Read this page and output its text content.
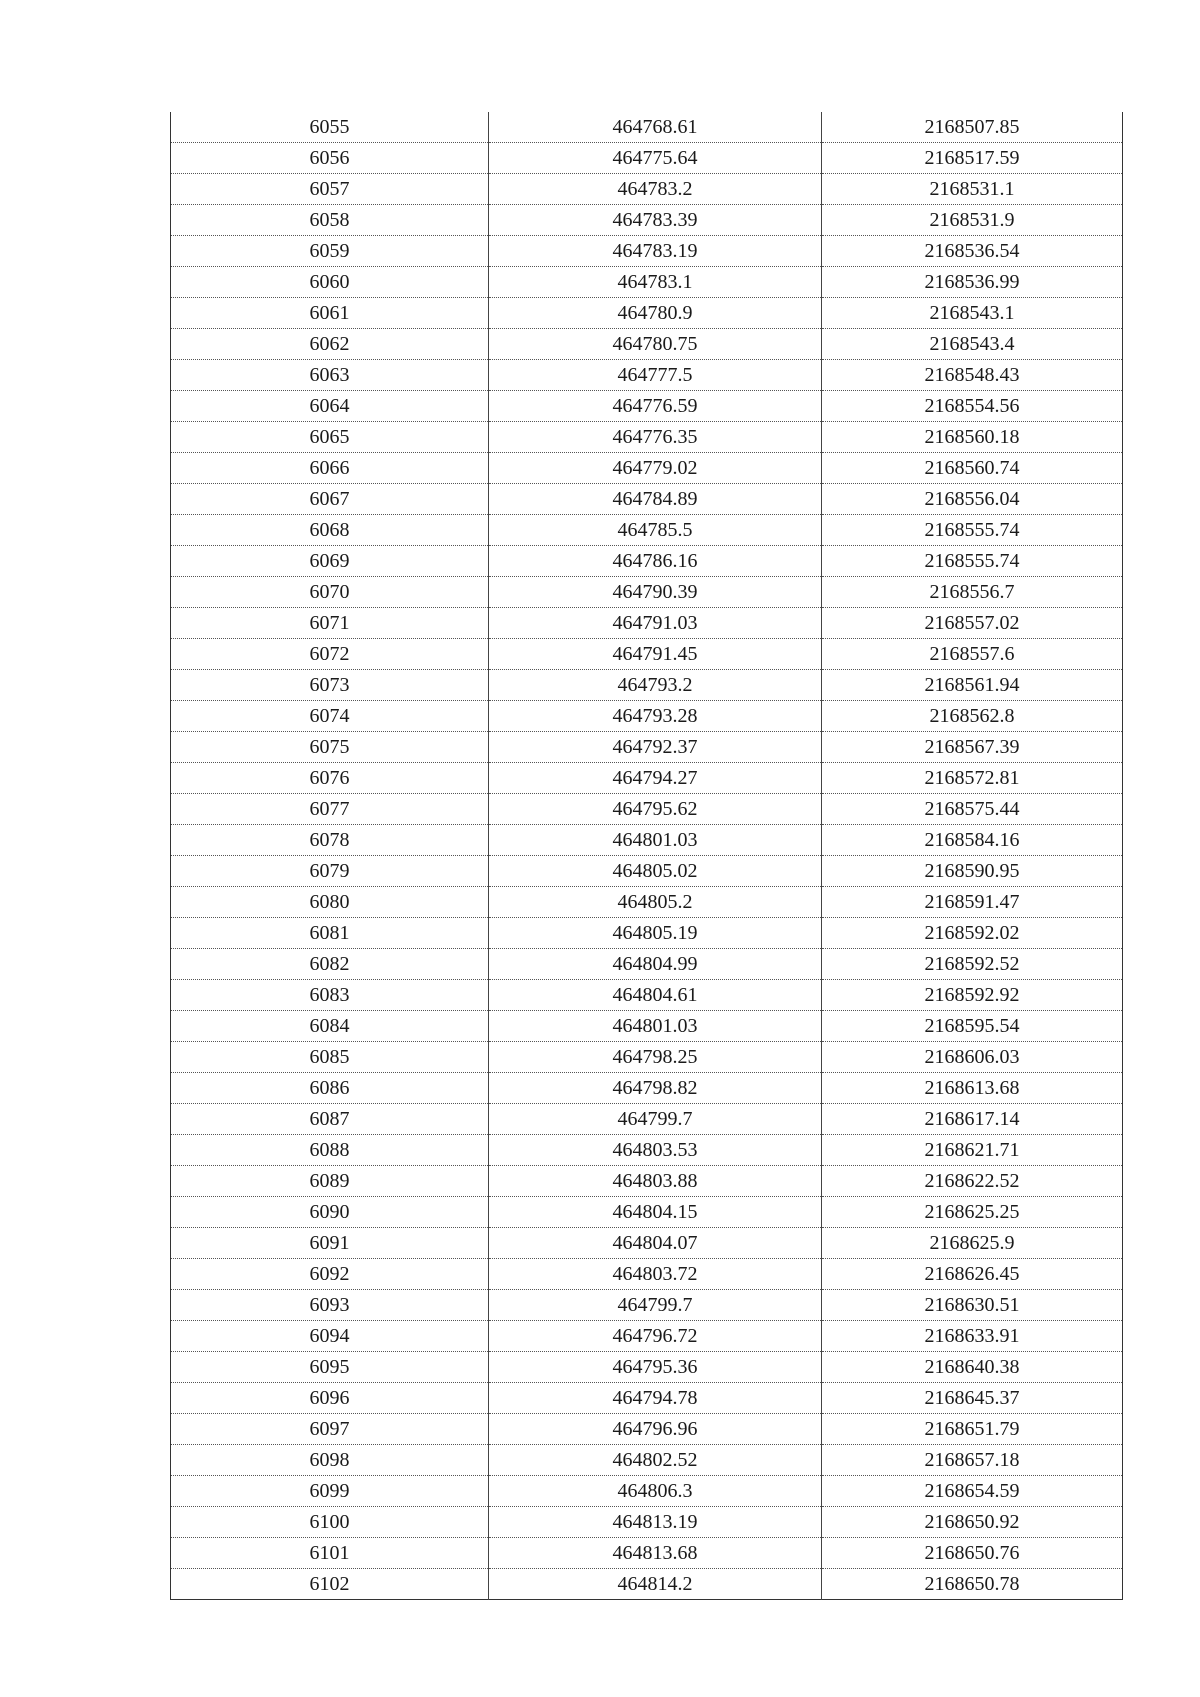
6055	464768.61	2168507.85
6056	464775.64	2168517.59
6057	464783.2	2168531.1
6058	464783.39	2168531.9
6059	464783.19	2168536.54
6060	464783.1	2168536.99
6061	464780.9	2168543.1
6062	464780.75	2168543.4
6063	464777.5	2168548.43
6064	464776.59	2168554.56
6065	464776.35	2168560.18
6066	464779.02	2168560.74
6067	464784.89	2168556.04
6068	464785.5	2168555.74
6069	464786.16	2168555.74
6070	464790.39	2168556.7
6071	464791.03	2168557.02
6072	464791.45	2168557.6
6073	464793.2	2168561.94
6074	464793.28	2168562.8
6075	464792.37	2168567.39
6076	464794.27	2168572.81
6077	464795.62	2168575.44
6078	464801.03	2168584.16
6079	464805.02	2168590.95
6080	464805.2	2168591.47
6081	464805.19	2168592.02
6082	464804.99	2168592.52
6083	464804.61	2168592.92
6084	464801.03	2168595.54
6085	464798.25	2168606.03
6086	464798.82	2168613.68
6087	464799.7	2168617.14
6088	464803.53	2168621.71
6089	464803.88	2168622.52
6090	464804.15	2168625.25
6091	464804.07	2168625.9
6092	464803.72	2168626.45
6093	464799.7	2168630.51
6094	464796.72	2168633.91
6095	464795.36	2168640.38
6096	464794.78	2168645.37
6097	464796.96	2168651.79
6098	464802.52	2168657.18
6099	464806.3	2168654.59
6100	464813.19	2168650.92
6101	464813.68	2168650.76
6102	464814.2	2168650.78
